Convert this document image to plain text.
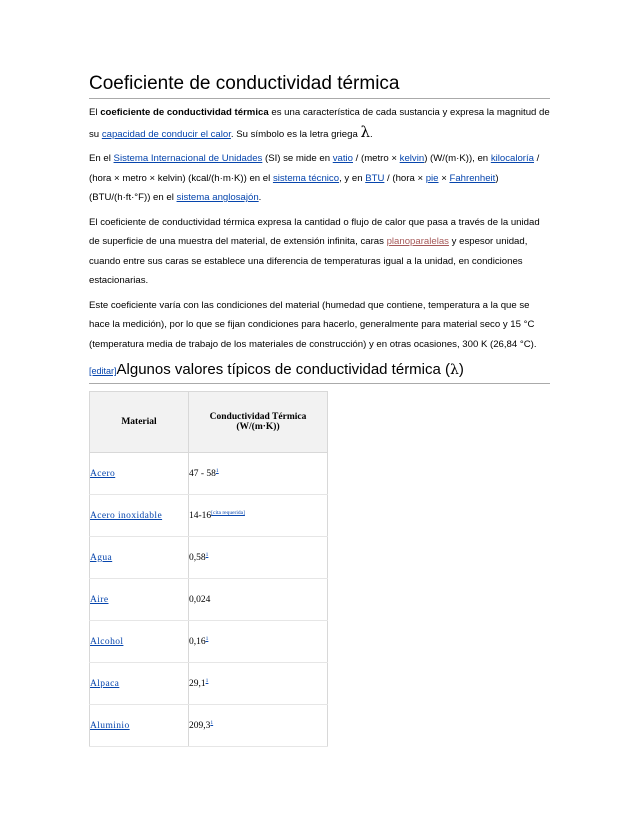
Coeficiente de conductividad térmica

El coeficiente de conductividad térmica es una característica de cada sustancia y expresa la magnitud de su capacidad de conducir el calor. Su símbolo es la letra griega λ.

En el Sistema Internacional de Unidades (SI) se mide en vatio / (metro × kelvin) (W/(m·K)), en kilocaloría / (hora × metro × kelvin) (kcal/(h·m·K)) en el sistema técnico, y en BTU / (hora × pie × Fahrenheit) (BTU/(h·ft·°F)) en el sistema anglosajón.

El coeficiente de conductividad térmica expresa la cantidad o flujo de calor que pasa a través de la unidad de superficie de una muestra del material, de extensión infinita, caras planoparalelas y espesor unidad, cuando entre sus caras se establece una diferencia de temperaturas igual a la unidad, en condiciones estacionarias.

Este coeficiente varía con las condiciones del material (humedad que contiene, temperatura a la que se hace la medición), por lo que se fijan condiciones para hacerlo, generalmente para material seco y 15 °C (temperatura media de trabajo de los materiales de construcción) y en otras ocasiones, 300 K (26,84 °C).

[editar]Algunos valores típicos de conductividad térmica (λ)
Material	Conductividad Térmica
(W/(m·K))
Acero	$47 - 58^1$
Acero inoxidable	14-16[cita requerida]
Agua	0,58$^1$
Aire	0,024
Alcohol	0,16$^1$
Alpaca	29,1$^1$
Aluminio	209,3$^1$
